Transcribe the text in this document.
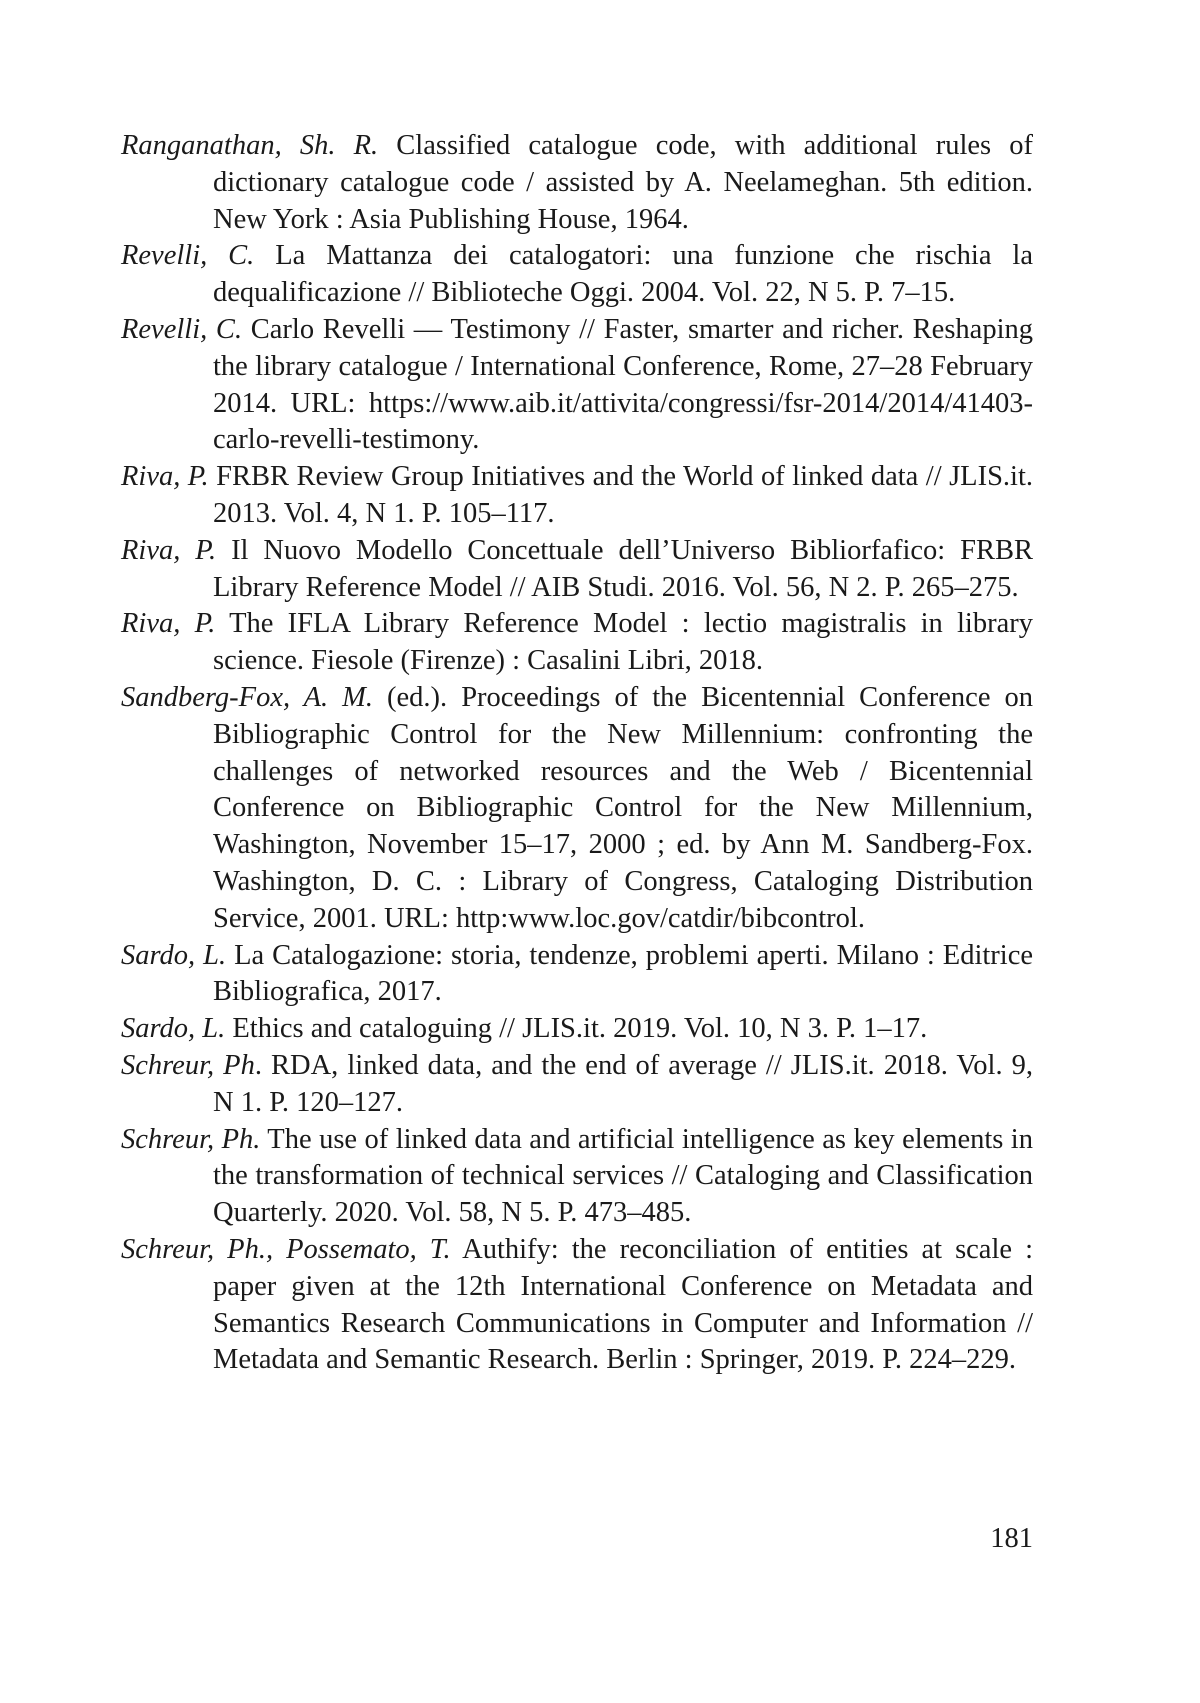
Ranganathan, Sh. R. Classified catalogue code, with additional rules of dictionary catalogue code / assisted by A. Neelameghan. 5th edition. New York : Asia Publishing House, 1964.

Revelli, C. La Mattanza dei catalogatori: una funzione che rischia la dequalificazione // Biblioteche Oggi. 2004. Vol. 22, N 5. P. 7–15.

Revelli, C. Carlo Revelli — Testimony // Faster, smarter and richer. Reshaping the library catalogue / International Conference, Rome, 27–28 February 2014. URL: https://www.aib.it/attivita/congressi/fsr-2014/2014/41403-carlo-revelli-testimony.

Riva, P. FRBR Review Group Initiatives and the World of linked data // JLIS.it. 2013. Vol. 4, N 1. P. 105–117.

Riva, P. Il Nuovo Modello Concettuale dell’Universo Bibliorfafico: FRBR Library Reference Model // AIB Studi. 2016. Vol. 56, N 2. P. 265–275.

Riva, P. The IFLA Library Reference Model : lectio magistralis in library science. Fiesole (Firenze) : Casalini Libri, 2018.

Sandberg-Fox, A. M. (ed.). Proceedings of the Bicentennial Conference on Bibliographic Control for the New Millennium: confronting the challenges of networked resources and the Web / Bicentennial Conference on Bibliographic Control for the New Millennium, Washington, November 15–17, 2000 ; ed. by Ann M. Sandberg-Fox. Washington, D. C. : Library of Congress, Cataloging Distribution Service, 2001. URL: http:www.loc.gov/catdir/bibcontrol.

Sardo, L. La Catalogazione: storia, tendenze, problemi aperti. Milano : Editrice Bibliografica, 2017.

Sardo, L. Ethics and cataloguing // JLIS.it. 2019. Vol. 10, N 3. P. 1–17.

Schreur, Ph. RDA, linked data, and the end of average // JLIS.it. 2018. Vol. 9, N 1. P. 120–127.

Schreur, Ph. The use of linked data and artificial intelligence as key elements in the transformation of technical services // Cataloging and Classification Quarterly. 2020. Vol. 58, N 5. P. 473–485.

Schreur, Ph., Possemato, T. Authify: the reconciliation of entities at scale : paper given at the 12th International Conference on Metadata and Semantics Research Communications in Computer and Information // Metadata and Semantic Research. Berlin : Springer, 2019. P. 224–229.

181
